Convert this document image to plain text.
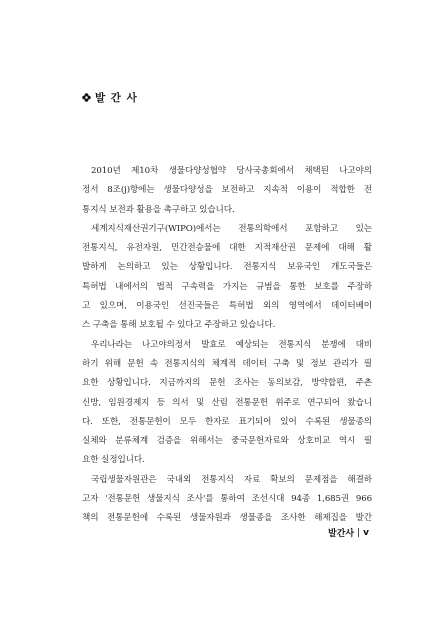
발 간 사
2010년 제10차 생물다양성협약 당사국총회에서 채택된 나고야의
정서 8조(j)항에는 생물다양성을 보전하고 지속적 이용이 적합한 전
통지식 보전과 활용을 촉구하고 있습니다.
세계지식재산권기구(WIPO)에서는 전통의학에서 포함하고 있는
전통지식, 유전자원, 민간전승물에 대한 지적재산권 문제에 대해 활
발하게 논의하고 있는 상황입니다. 전통지식 보유국인 개도국들은
특허법 내에서의 법적 구속력을 가지는 규범을 통한 보호를 주장하
고 있으며, 이용국인 선진국들은 특허법 외의 영역에서 데이터베이
스 구축을 통해 보호될 수 있다고 주장하고 있습니다.
우리나라는 나고야의정서 발효로 예상되는 전통지식 분쟁에 대비
하기 위해 문헌 속 전통지식의 체계적 데이터 구축 및 정보 관리가 필
요한 상황입니다. 지금까지의 문헌 조사는 동의보감, 방약합편, 주촌
신방, 임원경제지 등 의서 및 산림 전통문헌 위주로 연구되어 왔습니
다. 또한, 전통문헌이 모두 한자로 표기되어 있어 수록된 생물종의
실체와 분류체계 검증을 위해서는 중국문헌자료와 상호비교 역시 필
요한 실정입니다.
국립생물자원관은 국내외 전통지식 자료 확보의 문제점을 해결하
고자 '전통문헌 생물지식 조사'를 통하여 조선시대 94종 1,685권 966
책의 전통문헌에 수록된 생물자원과 생물종을 조사한 해제집을 발간
발간사 v
